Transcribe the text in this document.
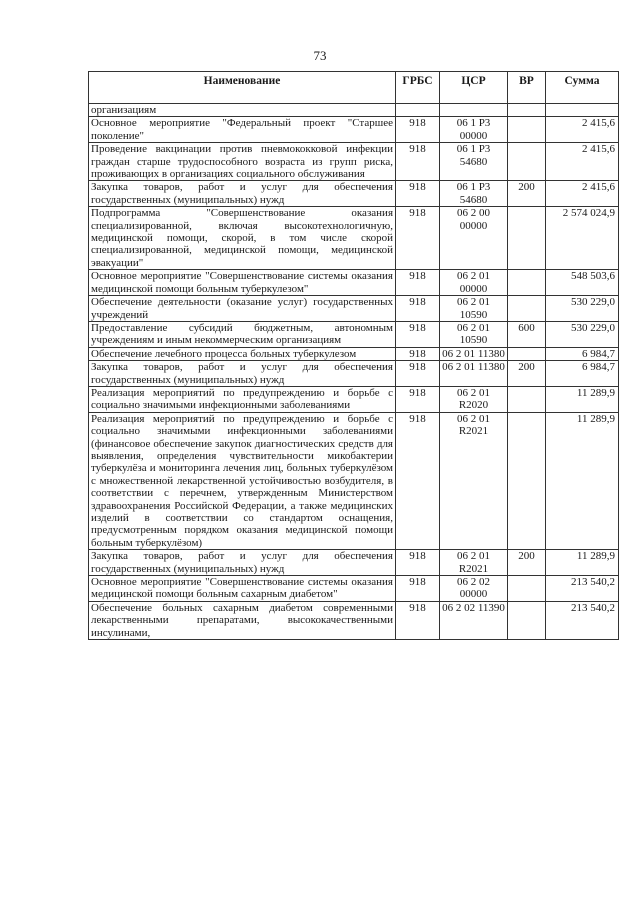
73
Наименование	ГРБС	ЦСР	ВР	Сумма
организациям				
Основное мероприятие "Федеральный проект "Старшее поколение"	918	06 1 Р3 00000		2 415,6
Проведение вакцинации против пневмококковой инфекции граждан старше трудоспособного возраста из групп риска, проживающих в организациях социального обслуживания	918	06 1 Р3 54680		2 415,6
Закупка товаров, работ и услуг для обеспечения государственных (муниципальных) нужд	918	06 1 Р3 54680	200	2 415,6
Подпрограмма "Совершенствование оказания специализированной, включая высокотехнологичную, медицинской помощи, скорой, в том числе скорой специализированной, медицинской помощи, медицинской эвакуации"	918	06 2 00 00000		2 574 024,9
Основное мероприятие "Совершенствование системы оказания медицинской помощи больным туберкулезом"	918	06 2 01 00000		548 503,6
Обеспечение деятельности (оказание услуг) государственных учреждений	918	06 2 01 10590		530 229,0
Предоставление субсидий бюджетным, автономным учреждениям и иным некоммерческим организациям	918	06 2 01 10590	600	530 229,0
Обеспечение лечебного процесса больных туберкулезом	918	06 2 01 11380		6 984,7
Закупка товаров, работ и услуг для обеспечения государственных (муниципальных) нужд	918	06 2 01 11380	200	6 984,7
Реализация мероприятий по предупреждению и борьбе с социально значимыми инфекционными заболеваниями	918	06 2 01 R2020		11 289,9
Реализация мероприятий по предупреждению и борьбе с социально значимыми инфекционными заболеваниями (финансовое обеспечение закупок диагностических средств для выявления, определения чувствительности микобактерии туберкулёза и мониторинга лечения лиц, больных туберкулёзом с множественной лекарственной устойчивостью возбудителя, в соответствии с перечнем, утвержденным Министерством здравоохранения Российской Федерации, а также медицинских изделий в соответствии со стандартом оснащения, предусмотренным порядком оказания медицинской помощи больным туберкулёзом)	918	06 2 01 R2021		11 289,9
Закупка товаров, работ и услуг для обеспечения государственных (муниципальных) нужд	918	06 2 01 R2021	200	11 289,9
Основное мероприятие "Совершенствование системы оказания медицинской помощи больным сахарным диабетом"	918	06 2 02 00000		213 540,2
Обеспечение больных сахарным диабетом современными лекарственными препаратами, высококачественными инсулинами,	918	06 2 02 11390		213 540,2
